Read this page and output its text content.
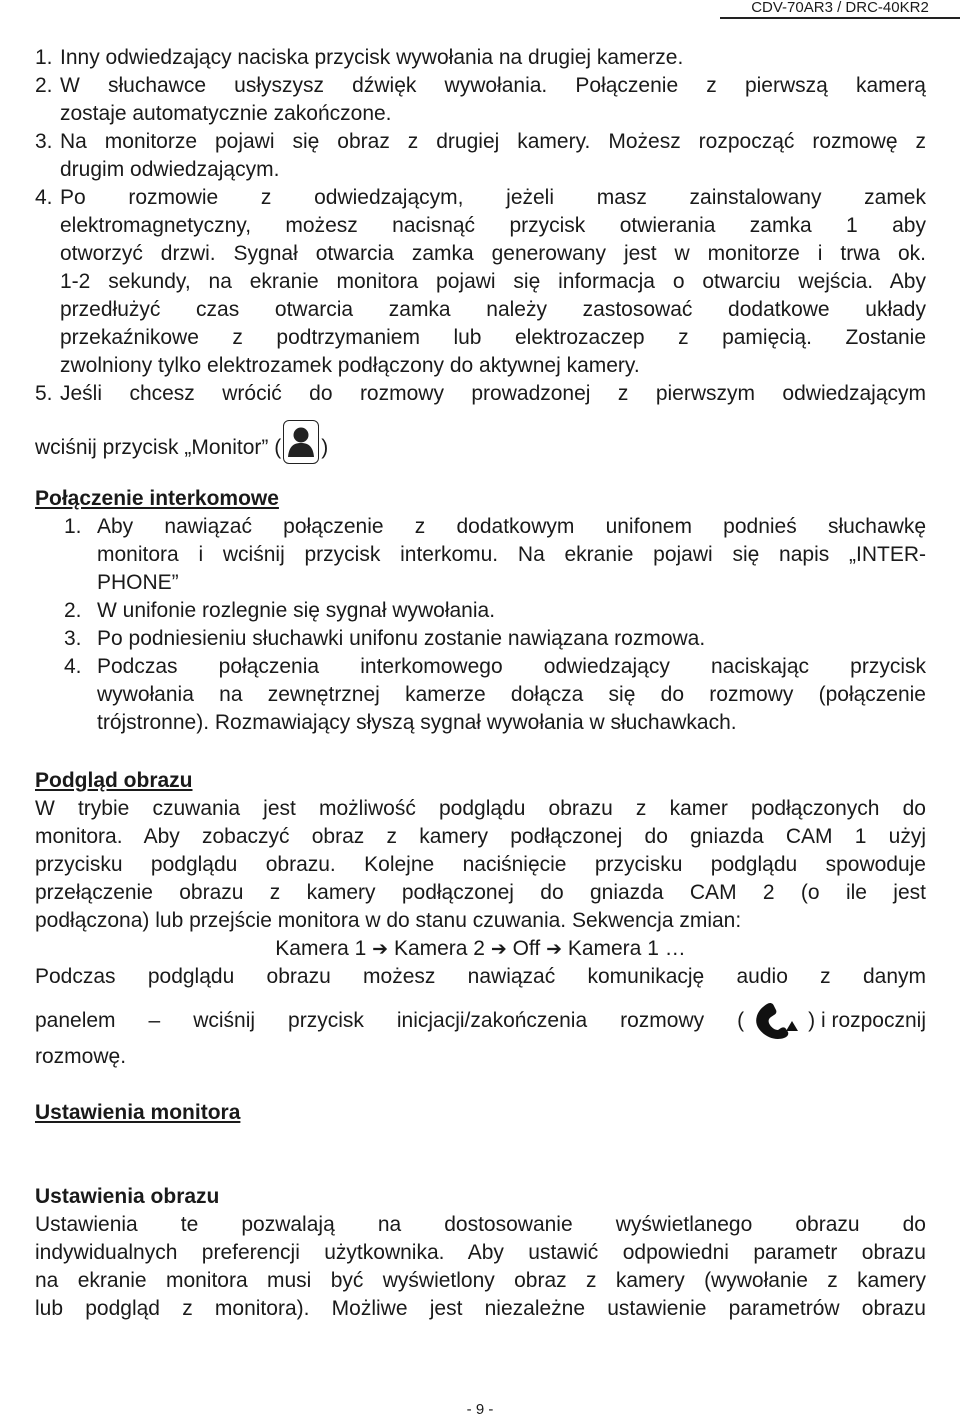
CDV-70AR3 / DRC-40KR2
1. Inny odwiedzający naciska przycisk wywołania na drugiej kamerze.
2. W słuchawce usłyszysz dźwięk wywołania. Połączenie z pierwszą kamerą
zostaje automatycznie zakończone.
3. Na monitorze pojawi się obraz z drugiej kamery. Możesz rozpocząć rozmowę z
drugim odwiedzającym.
4. Po rozmowie z odwiedzającym, jeżeli masz zainstalowany zamek
elektromagnetyczny, możesz nacisnąć przycisk otwierania zamka 1 aby
otworzyć drzwi. Sygnał otwarcia zamka generowany jest w monitorze i trwa ok.
1-2 sekundy, na ekranie monitora pojawi się informacja o otwarciu wejścia. Aby
przedłużyć czas otwarcia zamka należy zastosować dodatkowe układy
przekaźnikowe z podtrzymaniem lub elektrozaczep z pamięcią. Zostanie
zwolniony tylko elektrozamek podłączony do aktywnej kamery.
5. Jeśli chcesz wrócić do rozmowy prowadzonej z pierwszym odwiedzającym
wciśnij przycisk „Monitor” ( )
Połączenie interkomowe
1. Aby nawiązać połączenie z dodatkowym unifonem podnieś słuchawkę
monitora i wciśnij przycisk interkomu. Na ekranie pojawi się napis „INTER-
PHONE”
2. W unifonie rozlegnie się sygnał wywołania.
3. Po podniesieniu słuchawki unifonu zostanie nawiązana rozmowa.
4. Podczas połączenia interkomowego odwiedzający naciskając przycisk
wywołania na zewnętrznej kamerze dołącza się do rozmowy (połączenie
trójstronne). Rozmawiający słyszą sygnał wywołania w słuchawkach.
Podgląd obrazu
W trybie czuwania jest możliwość podglądu obrazu z kamer podłączonych do
monitora. Aby zobaczyć obraz z kamery podłączonej do gniazda CAM 1 użyj
przycisku podglądu obrazu. Kolejne naciśnięcie przycisku podglądu spowoduje
przełączenie obrazu z kamery podłączonej do gniazda CAM 2 (o ile jest
podłączona) lub przejście monitora w do stanu czuwania. Sekwencja zmian:
Kamera 1 ➔ Kamera 2 ➔ Off ➔ Kamera 1 …
Podczas podglądu obrazu możesz nawiązać komunikację audio z danym
panelem – wciśnij przycisk inicjacji/zakończenia rozmowy (	) i rozpocznij
rozmowę.
Ustawienia monitora
Ustawienia obrazu
Ustawienia te pozwalają na dostosowanie wyświetlanego obrazu do
indywidualnych preferencji użytkownika. Aby ustawić odpowiedni parametr obrazu
na ekranie monitora musi być wyświetlony obraz z kamery (wywołanie z kamery
lub podgląd z monitora). Możliwe jest niezależne ustawienie parametrów obrazu
- 9 -
